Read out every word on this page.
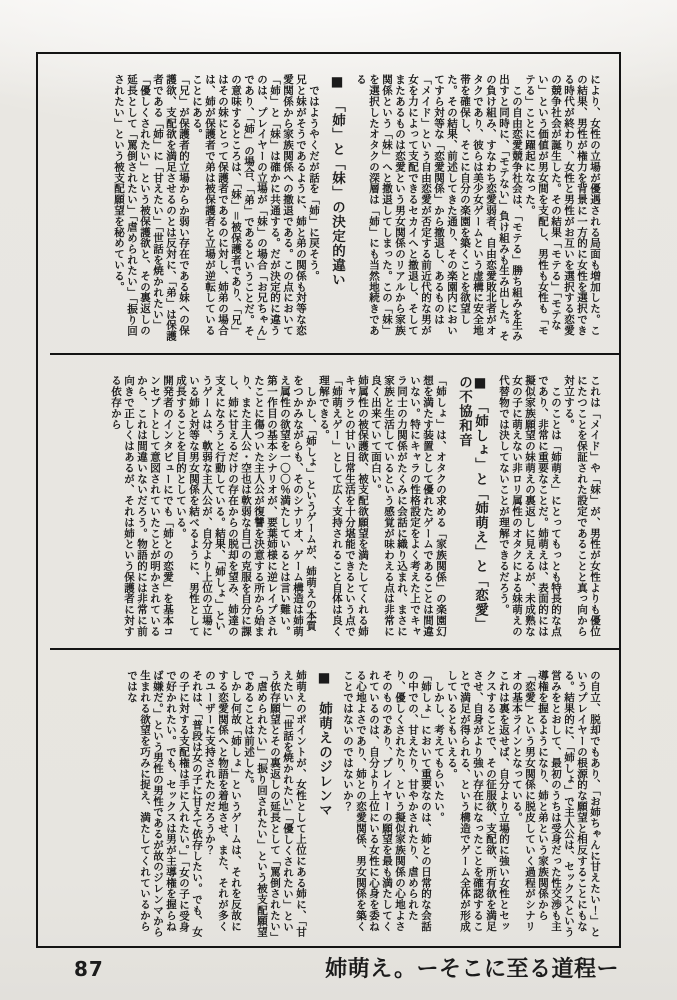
により、女性の立場が優遇される局面も増加した。この結果、男性が権力を背景に一方的に女性を選択できる時代が終わり、女性と男性がお互いを選択する恋愛の競争社会が誕生した。その結果「モテる」「モテない」という価値が男女間を支配し、男性も女性も「モテる」ことに躍起になった。

　この自由恋愛競争社会は、「モテる」勝ち組みを生み出すと同時に、「モテない」負け組みも生み出した。その負け組み、すなわち恋愛弱者、自由恋愛敗北者がオタクであり、彼らは美少女ゲームという虚構に安全地帯を確保し、そこに自分の楽園を築くことを欲望した。その結果、前述してきた通り、その楽園内においてすら対等な「恋愛関係」から撤退し、あるものは「メイド」という自由恋愛が否定する前近代的な男が女を力によって支配できるセカイへと撤退し、そしてまたあるものは恋愛という男女関係のリアルから家族関係という「妹」へと撤退してしまった。この「妹」を選択したオタクの深層は「姉」にも当然地続きである

■　「姉」と「妹」の決定的違い

　ではようやくだが話を「姉」に戻そう。

兄と妹がそうであるように、姉と弟の関係も対等な恋愛関係から家族関係への撤退である。この点において「姉」と「妹」は確かに共通する。だが決定的に違うのは、プレイヤーの立場が「妹」の場合「お兄ちゃん」であり、「姉」の場合、「弟」であるということだ。その意味するところは、「妹」＝被保護者であり、「兄」はその妹にとって保護者であるのに対し、姉弟の場合は、姉が保護者で弟は被保護者と立場が逆転していることにある。

「兄」が保護者的立場からか弱い存在である妹への保護欲、支配欲を満足させるのとは反対に、「弟」は保護者である「姉」に「甘えたい」「世話を焼かれたい」「優しくされたい」という被保護欲と、その裏返しの延長として「罵倒されたい」「虐められたい」「振り回されたい」という被支配願望を秘めている。

これは「メイド」や「妹」が、男性が女性よりも優位にたつことを保証された設定であることと真っ向から対立する。

　このことは「姉萌え」にとってもっとも特長的な点であり、非常に重要なことだ。姉萌えは、表面的には擬似家族願望の妹萌えの裏返しに見えるが、未成熟な女の子に萌えない非ロリ属性のオタクによる妹萌えの代替物では決してないことが理解できるだろう。

■　「姉しょ」と「姉萌え」と「恋愛」の不協和音

「姉しょ」は、オタクの求める「家族関係」の楽園幻想を満たす装置として優れたゲームであることは間違いない。特にキャラの性格設定をよく考えた上でキャラ同士の力関係がたくみに会話に織り込まれ、まさに家族と生活しているという感覚が味わえる点は非常に良く出来ていて面白い。

姉属性の被保護欲、被支配欲願望を満たしてくれる姉キャラとの甘い日常生活を十分堪能できるという点で「姉萌えゲー」として広く支持されること自体は良く理解できる。

　しかし、「姉しょ」というゲームが、姉萌えの本質をつかみながらも、そのシナリオ、ゲーム構造は姉萌え属性の欲望を一〇〇％満たしているとは言い難い。

第一作目の基本シナリオが、要葉姉様に逆レイプされたことに傷ついた主人公が復讐を決意する所から始まり、また主人公・空也は軟弱な自己の克服を自分に課し、姉に甘えるだけの存在からの脱却を望み、姉達の支えになろうと行動している。結果、「姉しょ」というゲームは、軟弱な主人公が、自分より上位の立場にいる姉と対等な男女関係を結べるように、男性として成長することを目的としている。

開発者のインタビューにでも「姉との恋愛」を基本コンセプトとして意図されていたことが明かされているから、これは間違いないだろう。物語的には非常に前向きで正しくはあるが、それは姉という保護者に対する依存から

の自立、脱却でもあり、「お姉ちゃんに甘えたい！」というプレイヤーの根源的な願望と相反することにもなる。結果的に、「姉しょ」で主人公は、セックスという営みをとおして、最初のうちは受身だった性交渉も主導権を握るようになり、姉と弟という家族関係から「恋愛」という男女関係に脱皮していく過程がシナリオの基本ラインとなっている。

これは裏を返せば、自分より立場的に強い女性とセックスすることで、その征服欲、支配欲、所有欲を満足させ、自身がより強い存在になったことを確認することで満足が得られる、という構造でゲーム全体が形成しているともいえる。

　しかし、考えてもらいたい。

「姉しょ」において重要なのは、姉との日常的な会話の中での、甘えたり、甘やかされたり、虐められたり、優しくされたり、という擬似家族関係の心地よさそのものであり、プレイヤーの願望を最も満たしてくれているのは、自分より上位にいる女性に心身を委ねる心地よさであり、姉との恋愛関係、男女関係を築くことではないのではないか？

■　姉萌えのジレンマ

姉萌えのポイントが、女性として上位にある姉に、「甘えたい」「世話を焼かれたい」「優しくされたい」という依存願望とその裏返しの延長として「罵倒されたい」「虐められたい」「振り回されたい」という被支配願望であることは前述した。

しかし何故「姉しょ」というゲームは、それを反故にする恋愛関係へと物語を着地させ、また、それが多くのユーザーに支持されたのだろうか？

それは、「普段は女の子に甘えて依存したい。でも、女の子に対する支配権は手に入れたい。」「女の子に受身で好かれたい。でも、セックスは男が主導権を握らねば嫌だ。」という男性の男性であるが故のジレンマから生まれる欲望を巧みに捉え、満たしてくれているからではな

87	姉萌え。ーそこに至る道程ー
